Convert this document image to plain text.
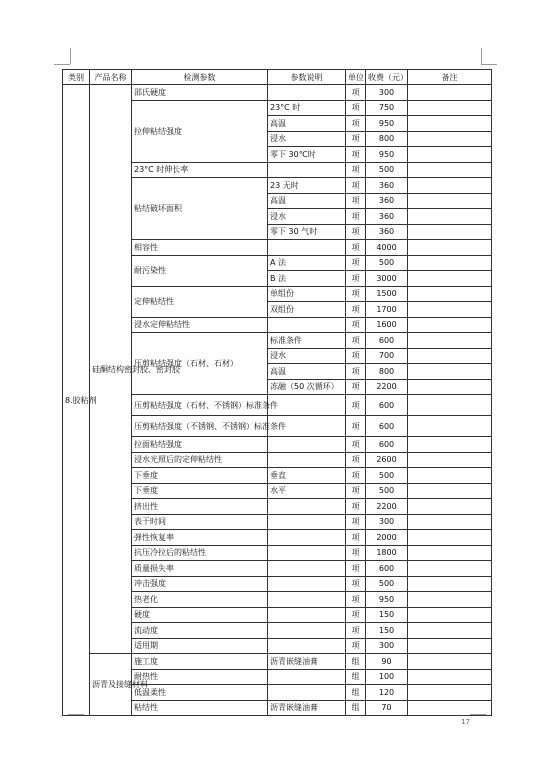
类别	产品名称	检测参数	参数说明	单位	收费（元）	备注
8.胶粘剂	硅酮结构密封胶、密封胶	邵氏硬度		项	300	
		拉伸粘结强度	23°C 时	项	750	
			高温	项	950	
			浸水	项	800	
			零下 30℃时	项	950	
		23°C 时伸长率		项	500	
		粘结破坏面积	23 无时	项	360	
			高温	项	360	
			浸水	项	360	
			零下 30 气时	项	360	
		相容性		项	4000	
		耐污染性	A 法	项	500	
			B 法	项	3000	
		定伸粘结性	单组份	项	1500	
			双组份	项	1700	
		浸水定伸粘结性		项	1600	
		压剪粘结强度（石材、石材）	标准条件	项	600	
			浸水	项	700	
			高温	项	800	
			冻融（50 次循环）	项	2200	
		压剪粘结强度（石材、不锈钢）标准条件		项	600	
		压剪粘结强度（不锈钢、不锈钢）标准条件		项	600	
		拉面粘结强度		项	600	
		浸水光照后的定伸粘结性		项	2600	
		下垂度	垂直	项	500	
		下垂度	水平	项	500	
		挤出性		项	2200	
		表干时间		项	300	
		弹性恢复率		项	2000	
		抗压冷拉后的粘结性		项	1800	
		质量损失率		项	600	
		冲击强度		项	500	
		热老化		项	950	
		硬度		项	150	
		流动度		项	150	
		适用期		项	300	
	沥青及接缝材料	施工度	沥青嵌缝油膏	组	90	
		耐热性		组	100	
		低温柔性		组	120	
		粘结性	沥青嵌缝油膏	组	70	
17
